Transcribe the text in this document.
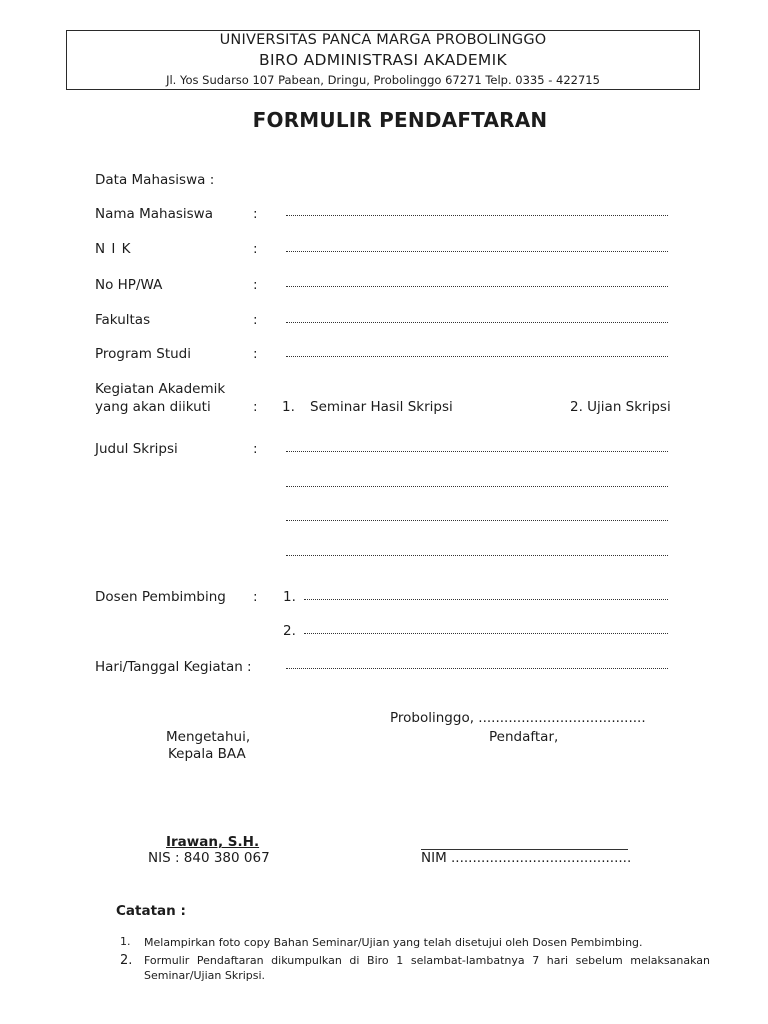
UNIVERSITAS PANCA MARGA PROBOLINGGO
BIRO ADMINISTRASI AKADEMIK
Jl. Yos Sudarso 107 Pabean, Dringu, Probolinggo 67271 Telp. 0335 - 422715
FORMULIR PENDAFTARAN
Data Mahasiswa :
Nama Mahasiswa	:
N I K	:
No HP/WA	:
Fakultas	:
Program Studi	:
Kegiatan Akademik
yang akan diikuti	: 1. Seminar Hasil Skripsi	2. Ujian Skripsi
Judul Skripsi	:
Dosen Pembimbing : 1.
2.
Hari/Tanggal Kegiatan :
Probolinggo, .......................................
Mengetahui,	Pendaftar,
Kepala BAA
Irawan, S.H.
NIS : 840 380 067	NIM ..........................................
Catatan :
1. Melampirkan foto copy Bahan Seminar/Ujian yang telah disetujui oleh Dosen Pembimbing.
2. Formulir Pendaftaran dikumpulkan di Biro 1 selambat-lambatnya 7 hari sebelum melaksanakan Seminar/Ujian Skripsi.
